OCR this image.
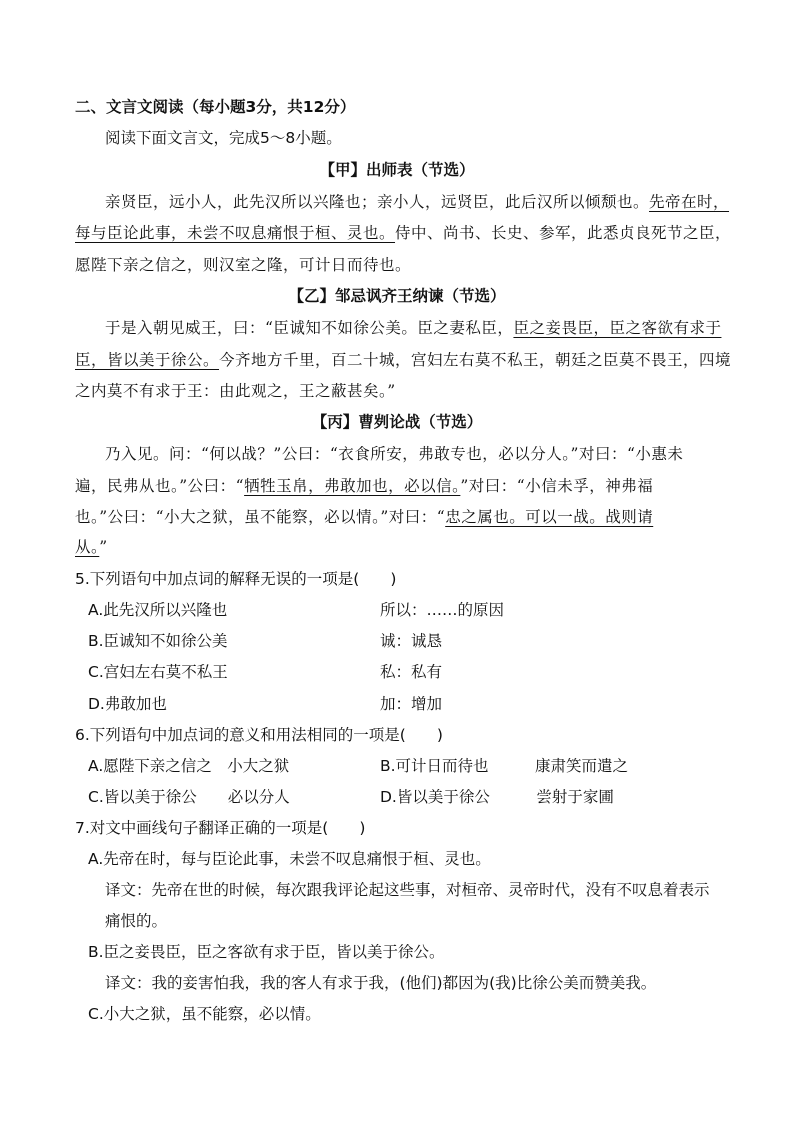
二、文言文阅读（每小题3分，共12分）
阅读下面文言文，完成5～8小题。
【甲】出师表（节选）
亲贤臣，远小人，此先汉所以兴隆也；亲小人，远贤臣，此后汉所以倾颓也。先帝在时，
每与臣论此事，未尝不叹息痛恨于桓、灵也。侍中、尚书、长史、参军，此悉贞良死节之臣，
愿陛下亲之信之，则汉室之隆，可计日而待也。
【乙】邹忌讽齐王纳谏（节选）
于是入朝见威王，曰：“臣诚知不如徐公美。臣之妻私臣，臣之妾畏臣，臣之客欲有求于
臣，皆以美于徐公。今齐地方千里，百二十城，宫妇左右莫不私王，朝廷之臣莫不畏王，四境
之内莫不有求于王：由此观之，王之蔽甚矣。”
【丙】曹刿论战（节选）
乃入见。问：“何以战？”公曰：“衣食所安，弗敢专也，必以分人。”对曰：“小惠未
遍，民弗从也。”公曰：“牺牲玉帛，弗敢加也，必以信。”对曰：“小信未孚，神弗福
也。”公曰：“小大之狱，虽不能察，必以情。”对曰：“忠之属也。可以一战。战则请
从。”
5.下列语句中加点词的解释无误的一项是(　　)
A.此先汉所以兴隆也	所以：……的原因
B.臣诚知不如徐公美	诚：诚恳
C.宫妇左右莫不私王	私：私有
D.弗敢加也	加：增加
6.下列语句中加点词的意义和用法相同的一项是(　　)
A.愿陛下亲之信之　小大之狱	B.可计日而待也　　　康肃笑而遣之
C.皆以美于徐公　　必以分人	D.皆以美于徐公　　　尝射于家圃
7.对文中画线句子翻译正确的一项是(　　)
A.先帝在时，每与臣论此事，未尝不叹息痛恨于桓、灵也。
译文：先帝在世的时候，每次跟我评论起这些事，对桓帝、灵帝时代，没有不叹息着表示
痛恨的。
B.臣之妾畏臣，臣之客欲有求于臣，皆以美于徐公。
译文：我的妾害怕我，我的客人有求于我，(他们)都因为(我)比徐公美而赞美我。
C.小大之狱，虽不能察，必以情。
